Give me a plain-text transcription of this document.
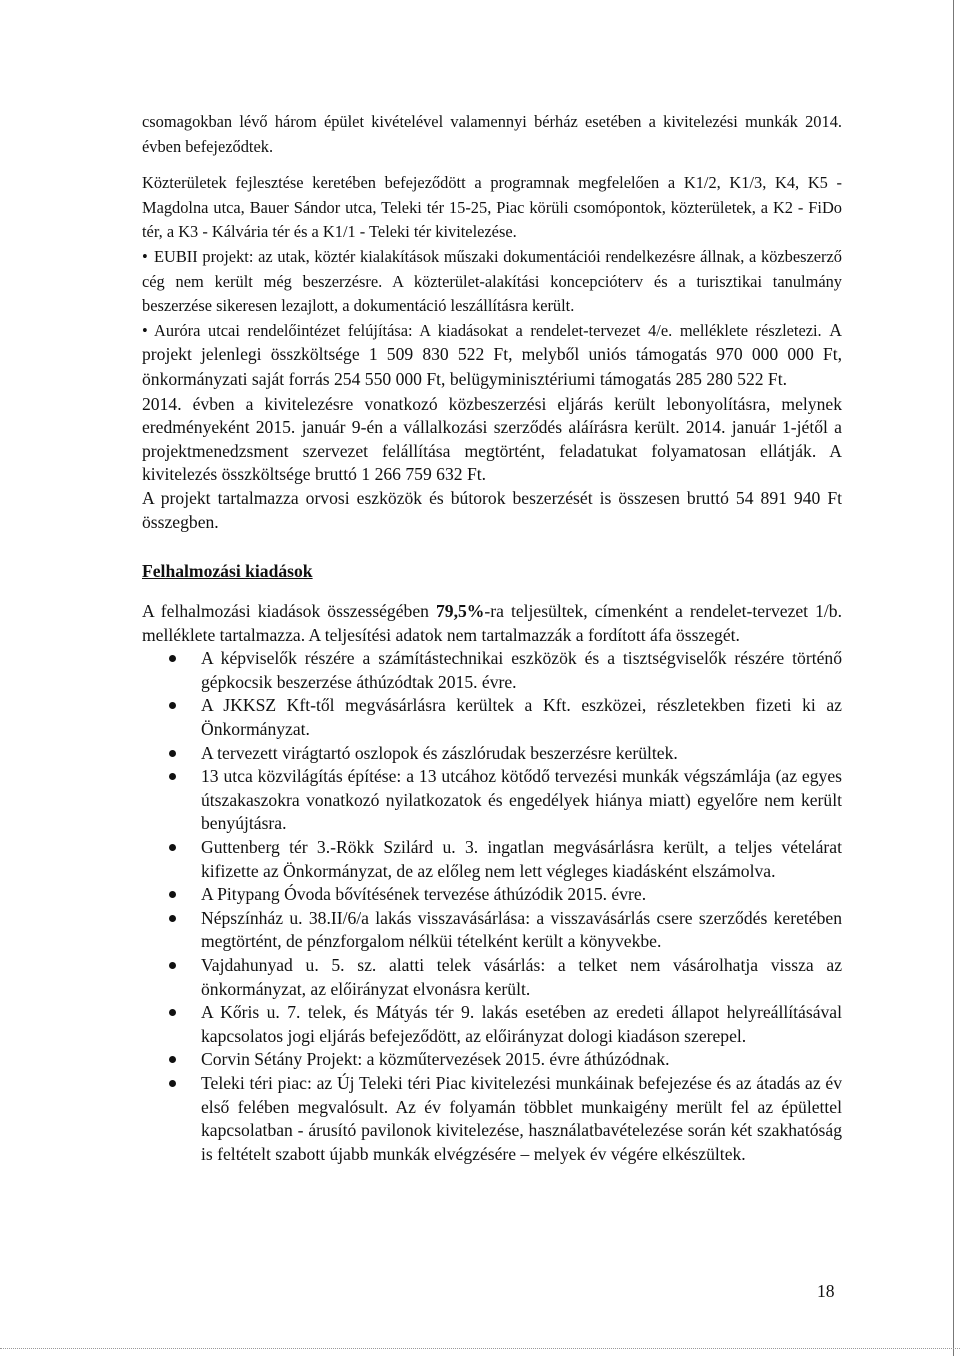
csomagokban lévő három épület kivételével valamennyi bérház esetében a kivitelezési munkák 2014. évben befejeződtek.

Közterületek fejlesztése keretében befejeződött a programnak megfelelően a K1/2, K1/3, K4, K5 - Magdolna utca, Bauer Sándor utca, Teleki tér 15-25, Piac körüli csomópontok, közterületek, a K2 - FiDo tér, a K3 - Kálvária tér és a K1/1 - Teleki tér kivitelezése.

• EUBII projekt: az utak, köztér kialakítások műszaki dokumentációi rendelkezésre állnak, a közbeszerző cég nem került még beszerzésre. A közterület-alakítási koncepcióterv és a turisztikai tanulmány beszerzése sikeresen lezajlott, a dokumentáció leszállításra került.

• Auróra utcai rendelőintézet felújítása: A kiadásokat a rendelet-tervezet 4/e. melléklete részletezi. A projekt jelenlegi összköltsége 1 509 830 522 Ft, melyből uniós támogatás 970 000 000 Ft, önkormányzati saját forrás 254 550 000 Ft, belügyminisztériumi támogatás 285 280 522 Ft.

2014. évben a kivitelezésre vonatkozó közbeszerzési eljárás került lebonyolításra, melynek eredményeként 2015. január 9-én a vállalkozási szerződés aláírásra került. 2014. január 1-jétől a projektmenedzsment szervezet felállítása megtörtént, feladatukat folyamatosan ellátják. A kivitelezés összköltsége bruttó 1 266 759 632 Ft.

A projekt tartalmazza orvosi eszközök és bútorok beszerzését is összesen bruttó 54 891 940 Ft összegben.

Felhalmozási kiadások

A felhalmozási kiadások összességében 79,5%-ra teljesültek, címenként a rendelet-tervezet 1/b. melléklete tartalmazza. A teljesítési adatok nem tartalmazzák a fordított áfa összegét.

A képviselők részére a számítástechnikai eszközök és a tisztségviselők részére történő gépkocsik beszerzése áthúzódtak 2015. évre.
A JKKSZ Kft-től megvásárlásra kerültek a Kft. eszközei, részletekben fizeti ki az Önkormányzat.
A tervezett virágtartó oszlopok és zászlórudak beszerzésre kerültek.
13 utca közvilágítás építése: a 13 utcához kötődő tervezési munkák végszámlája (az egyes útszakaszokra vonatkozó nyilatkozatok és engedélyek hiánya miatt) egyelőre nem került benyújtásra.
Guttenberg tér 3.-Rökk Szilárd u. 3. ingatlan megvásárlásra került, a teljes vételárat kifizette az Önkormányzat, de az előleg nem lett végleges kiadásként elszámolva.
A Pitypang Óvoda bővítésének tervezése áthúzódik 2015. évre.
Népszínház u. 38.II/6/a lakás visszavásárlása: a visszavásárlás csere szerződés keretében megtörtént, de pénzforgalom nélküi tételként került a könyvekbe.
Vajdahunyad u. 5. sz. alatti telek vásárlás: a telket nem vásárolhatja vissza az önkormányzat, az előirányzat elvonásra került.
A Kőris u. 7. telek, és Mátyás tér 9. lakás esetében az eredeti állapot helyreállításával kapcsolatos jogi eljárás befejeződött, az előirányzat dologi kiadáson szerepel.
Corvin Sétány Projekt: a közműtervezések 2015. évre áthúzódnak.
Teleki téri piac: az Új Teleki téri Piac kivitelezési munkáinak befejezése és az átadás az év első felében megvalósult. Az év folyamán többlet munkaigény merült fel az épülettel kapcsolatban - árusító pavilonok kivitelezése, használatbavételezése során két szakhatóság is feltételt szabott újabb munkák elvégzésére – melyek év végére elkészültek.
18
